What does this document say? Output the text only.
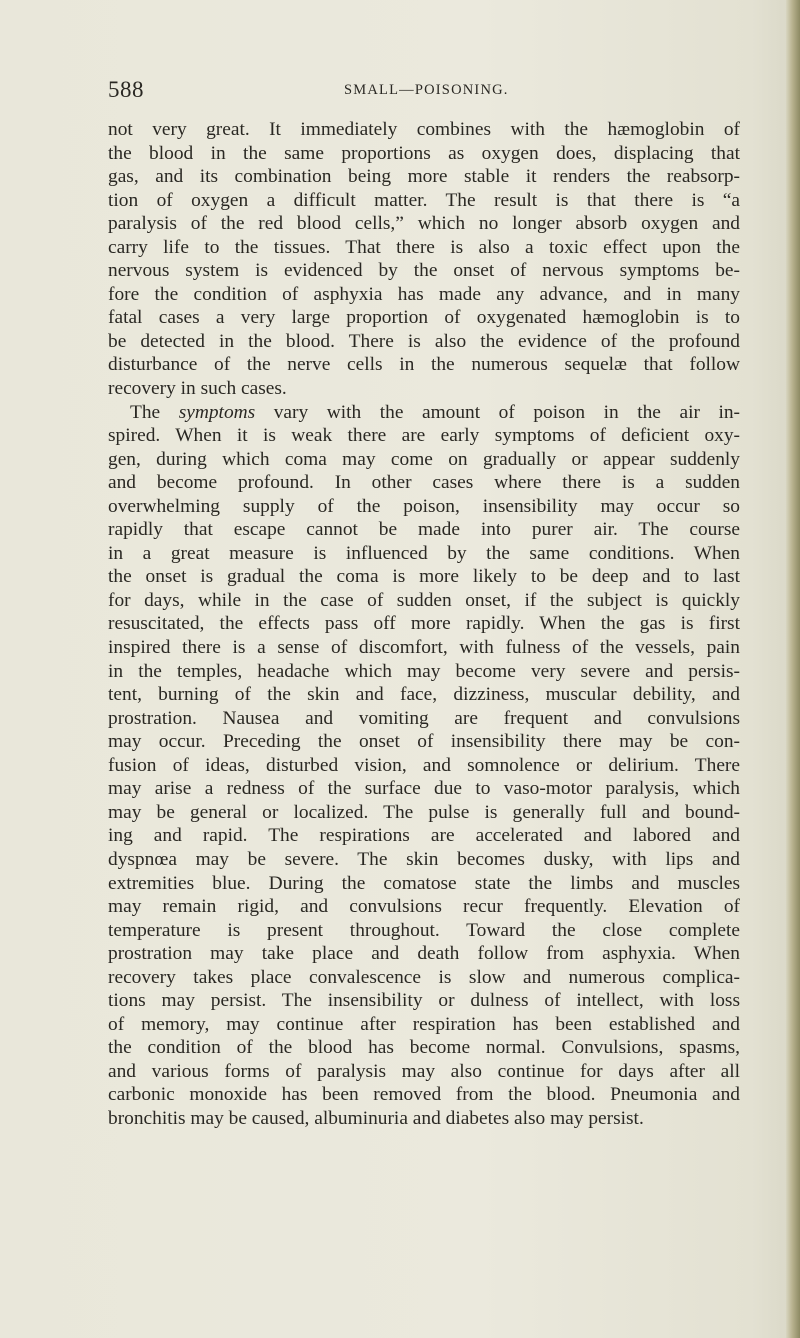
588	SMALL—POISONING.
not very great. It immediately combines with the hæmoglobin of
the blood in the same proportions as oxygen does, displacing that
gas, and its combination being more stable it renders the reabsorp-
tion of oxygen a difficult matter. The result is that there is “a
paralysis of the red blood cells,” which no longer absorb oxygen and
carry life to the tissues. That there is also a toxic effect upon the
nervous system is evidenced by the onset of nervous symptoms be-
fore the condition of asphyxia has made any advance, and in many
fatal cases a very large proportion of oxygenated hæmoglobin is to
be detected in the blood. There is also the evidence of the profound
disturbance of the nerve cells in the numerous sequelæ that follow
recovery in such cases.
The symptoms vary with the amount of poison in the air in-
spired. When it is weak there are early symptoms of deficient oxy-
gen, during which coma may come on gradually or appear suddenly
and become profound. In other cases where there is a sudden
overwhelming supply of the poison, insensibility may occur so
rapidly that escape cannot be made into purer air. The course
in a great measure is influenced by the same conditions. When
the onset is gradual the coma is more likely to be deep and to last
for days, while in the case of sudden onset, if the subject is quickly
resuscitated, the effects pass off more rapidly. When the gas is first
inspired there is a sense of discomfort, with fulness of the vessels, pain
in the temples, headache which may become very severe and persis-
tent, burning of the skin and face, dizziness, muscular debility, and
prostration. Nausea and vomiting are frequent and convulsions
may occur. Preceding the onset of insensibility there may be con-
fusion of ideas, disturbed vision, and somnolence or delirium. There
may arise a redness of the surface due to vaso-motor paralysis, which
may be general or localized. The pulse is generally full and bound-
ing and rapid. The respirations are accelerated and labored and
dyspnœa may be severe. The skin becomes dusky, with lips and
extremities blue. During the comatose state the limbs and muscles
may remain rigid, and convulsions recur frequently. Elevation of
temperature is present throughout. Toward the close complete
prostration may take place and death follow from asphyxia. When
recovery takes place convalescence is slow and numerous complica-
tions may persist. The insensibility or dulness of intellect, with loss
of memory, may continue after respiration has been established and
the condition of the blood has become normal. Convulsions, spasms,
and various forms of paralysis may also continue for days after all
carbonic monoxide has been removed from the blood. Pneumonia and
bronchitis may be caused, albuminuria and diabetes also may persist.
